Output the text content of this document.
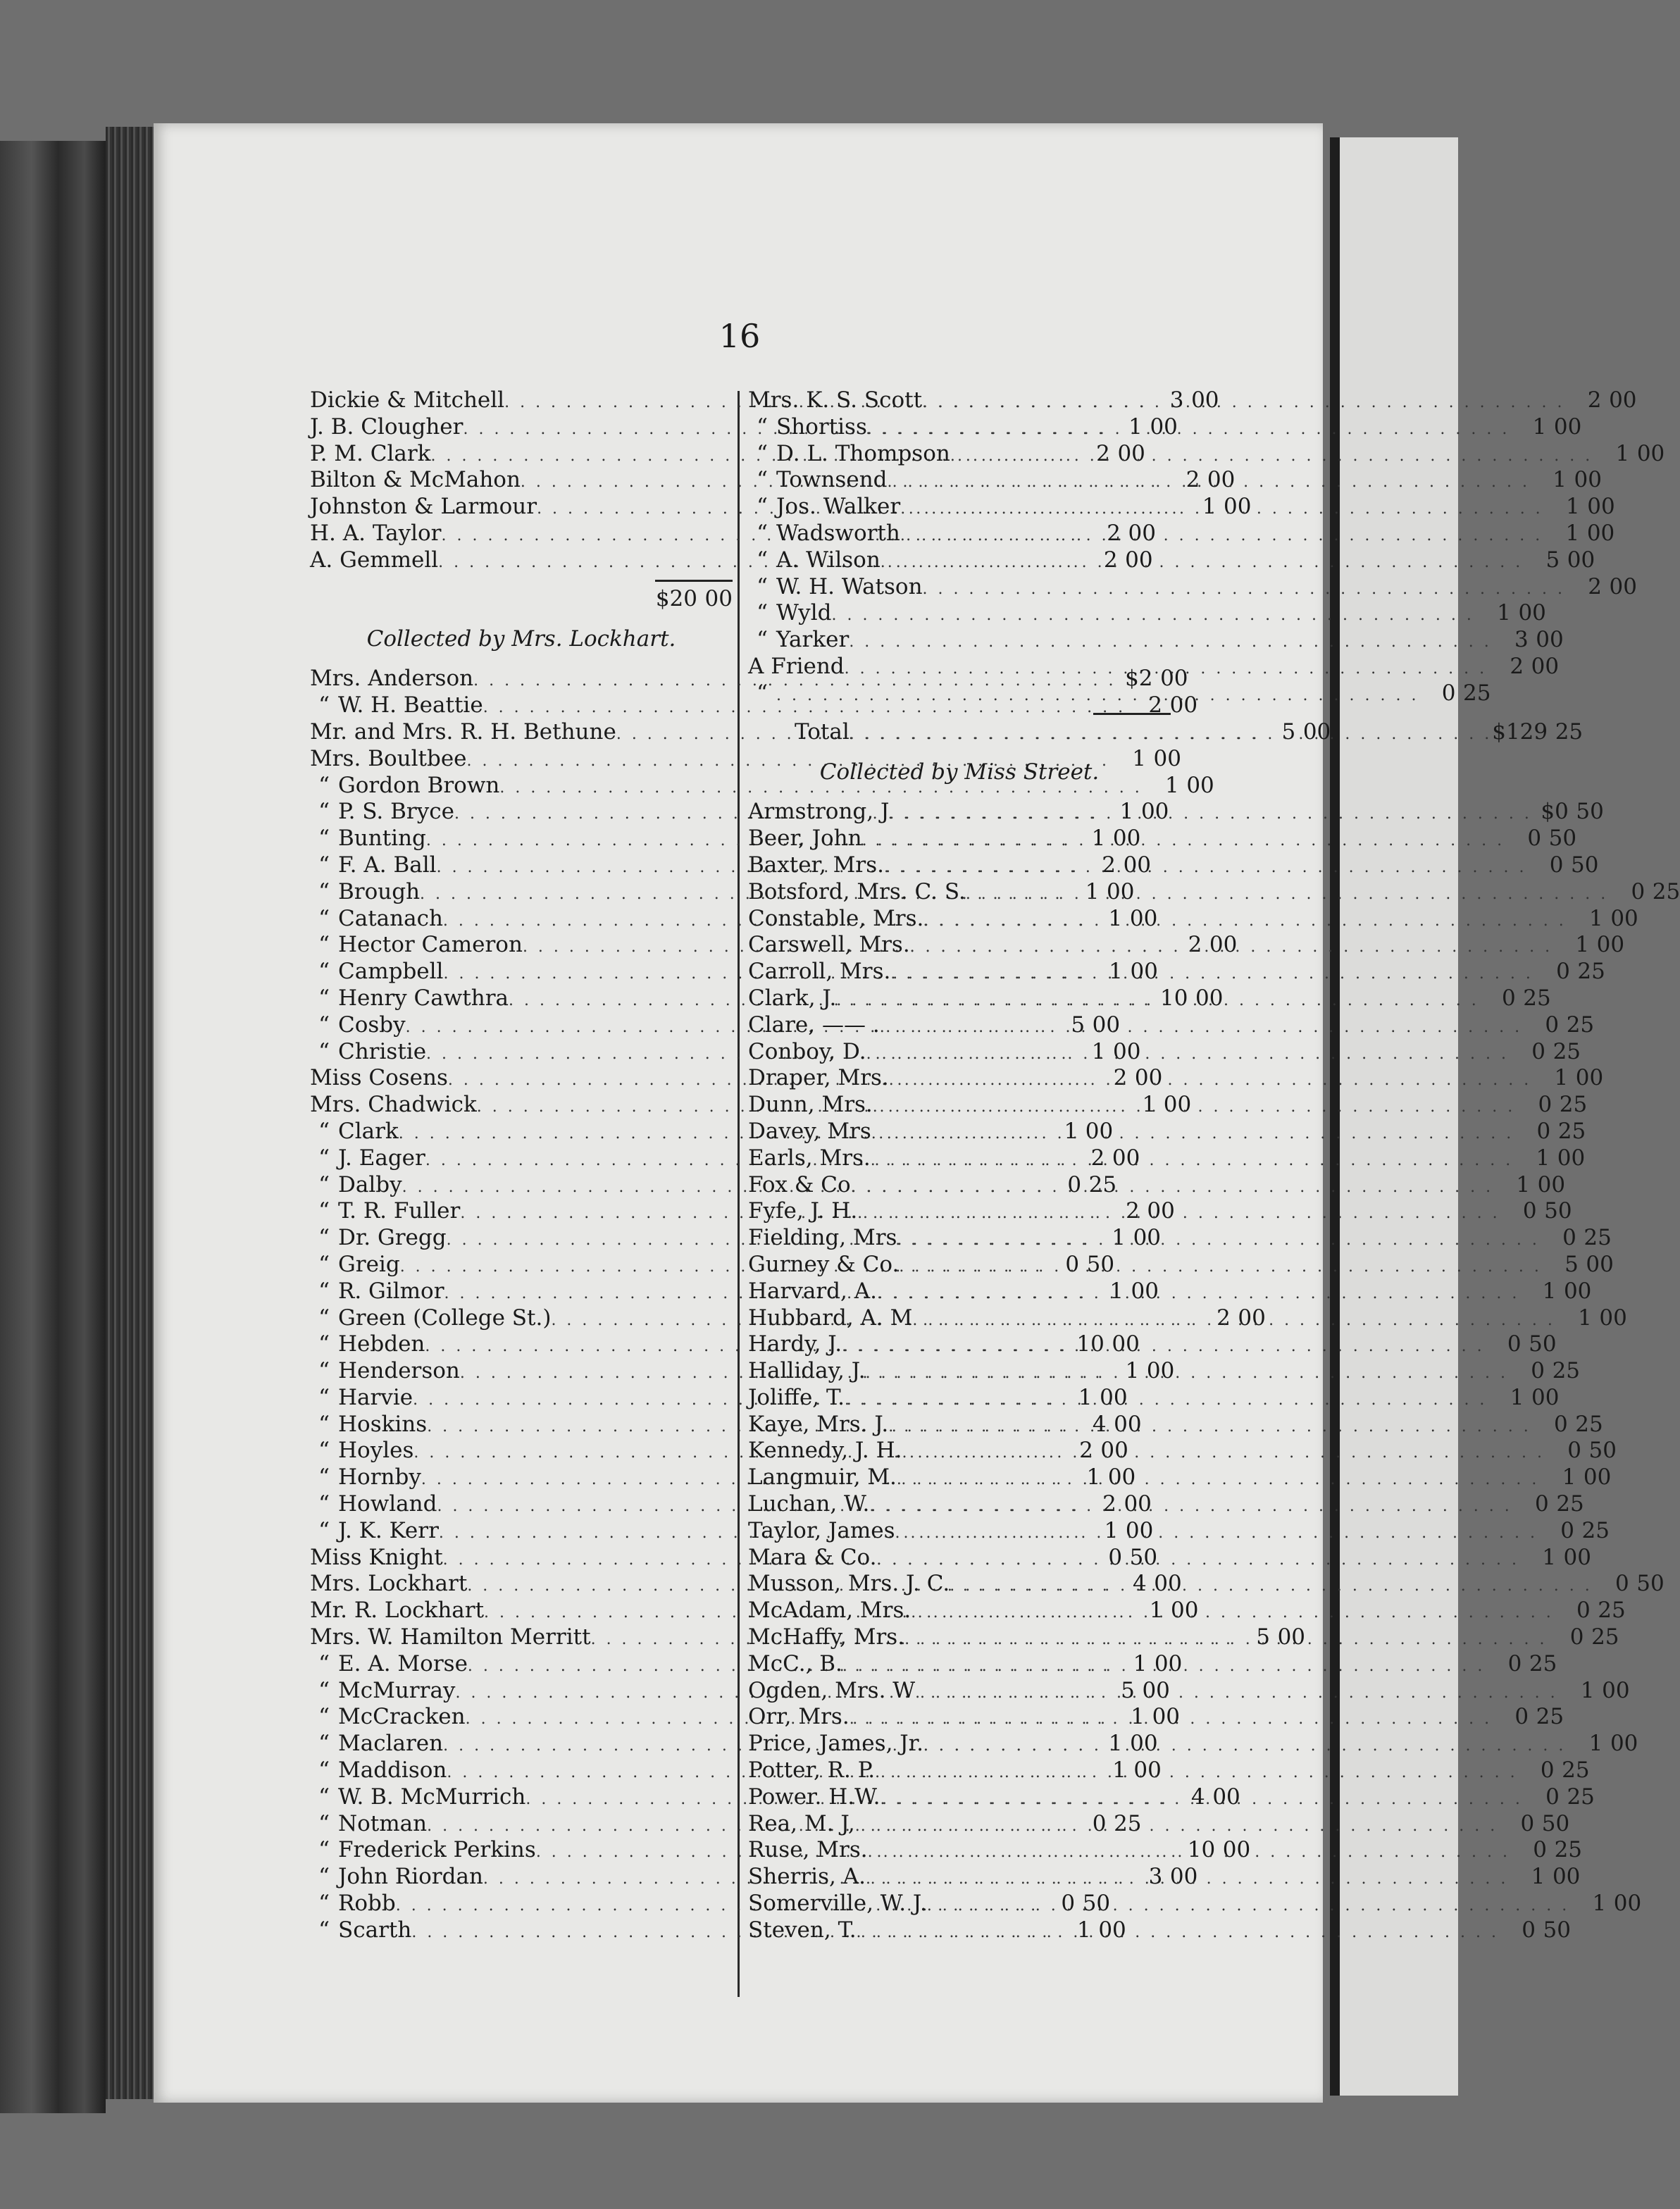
16
Dickie & Mitchell . . .	3 00
J. B. Clougher . . .	1 00
P. M. Clark . . .	2 00
Bilton & McMahon . . .	2 00
Johnston & Larmour . . .	1 00
H. A. Taylor . . .	2 00
A. Gemmell . . .	2 00
$20 00
Collected by Mrs. Lockhart.
Mrs. Anderson . . .	$2 00
“ W. H. Beattie . . .	2 00
Mr. and Mrs. R. H. Bethune . . .	5 00
Mrs. Boultbee . . .	1 00
“ Gordon Brown . . .	1 00
“ P. S. Bryce . . .	1 00
“ Bunting . . .	1 00
“ F. A. Ball . . .	2 00
“ Brough . . .	1 00
“ Catanach . . .	1 00
“ Hector Cameron . . .	2 00
“ Campbell . . .	1 00
“ Henry Cawthra . . .	10 00
“ Cosby . . .	5 00
“ Christie . . .	1 00
Miss Cosens . . .	2 00
Mrs. Chadwick . . .	1 00
“ Clark . . .	1 00
“ J. Eager . . .	2 00
“ Dalby . . .	0 25
“ T. R. Fuller . . .	2 00
“ Dr. Gregg . . .	1 00
“ Greig . . .	0 50
“ R. Gilmor . . .	1 00
“ Green (College St.) . . .	2 00
“ Hebden . . .	10 00
“ Henderson . . .	1 00
“ Harvie . . .	1 00
“ Hoskins . . .	4 00
“ Hoyles . . .	2 00
“ Hornby . . .	1 00
“ Howland . . .	2 00
“ J. K. Kerr . . .	1 00
Miss Knight . . .	0 50
Mrs. Lockhart . . .	4 00
Mr. R. Lockhart . . .	1 00
Mrs. W. Hamilton Merritt . . .	5 00
“ E. A. Morse . . .	1 00
“ McMurray . . .	5 00
“ McCracken . . .	1 00
“ Maclaren . . .	1 00
“ Maddison . . .	1 00
“ W. B. McMurrich . . .	4 00
“ Notman . . .	0 25
“ Frederick Perkins . . .	10 00
“ John Riordan . . .	3 00
“ Robb . . .	0 50
“ Scarth . . .	1 00
Mrs. K. S. Scott . . .	2 00
“ Shortiss . . .	1 00
“ D. L. Thompson . . .	1 00
“ Townsend . . .	1 00
“ Jos. Walker . . .	1 00
“ Wadsworth . . .	1 00
“ A. Wilson . . .	5 00
“ W. H. Watson . . .	2 00
“ Wyld . . .	1 00
“ Yarker . . .	3 00
A Friend . . .	2 00
“ . . .	0 25
Total . . .	$129 25
Collected by Miss Street.
Armstrong, J . . .	$0 50
Beer, John . . .	0 50
Baxter, Mrs. . . .	0 50
Botsford, Mrs. C. S. . . .	0 25
Constable, Mrs. . . .	1 00
Carswell, Mrs. . . .	1 00
Carroll, Mrs. . . .	0 25
Clark, J. . . .	0 25
Clare, —— . . . .	0 25
Conboy, D. . . .	0 25
Draper, Mrs. . . .	1 00
Dunn, Mrs. . . .	0 25
Davey, Mrs . . .	0 25
Earls, Mrs. . . .	1 00
Fox & Co . . .	1 00
Fyfe, J. H. . . .	0 50
Fielding, Mrs . . .	0 25
Gurney & Co. . . .	5 00
Harvard, A. . . .	1 00
Hubbard, A. M . . .	1 00
Hardy, J. . . .	0 50
Halliday, J. . . .	0 25
Joliffe, T. . . .	1 00
Kaye, Mrs. J. . . .	0 25
Kennedy, J. H. . . .	0 50
Langmuir, M. . . .	1 00
Luchan, W. . . .	0 25
Taylor, James . . .	0 25
Mara & Co. . . .	1 00
Musson, Mrs. J. C. . . .	0 50
McAdam, Mrs. . . .	0 25
McHaffy, Mrs. . . .	0 25
McC., B. . . .	0 25
Ogden, Mrs. W . . .	1 00
Orr, Mrs. . . .	0 25
Price, James, Jr. . . .	1 00
Potter, R. P. . . .	0 25
Power. H.W. . . .	0 25
Rea, M. J, . . .	0 50
Ruse, Mrs. . . .	0 25
Sherris, A. . . .	1 00
Somerville, W. J. . . .	1 00
Steven, T. . . .	0 50
